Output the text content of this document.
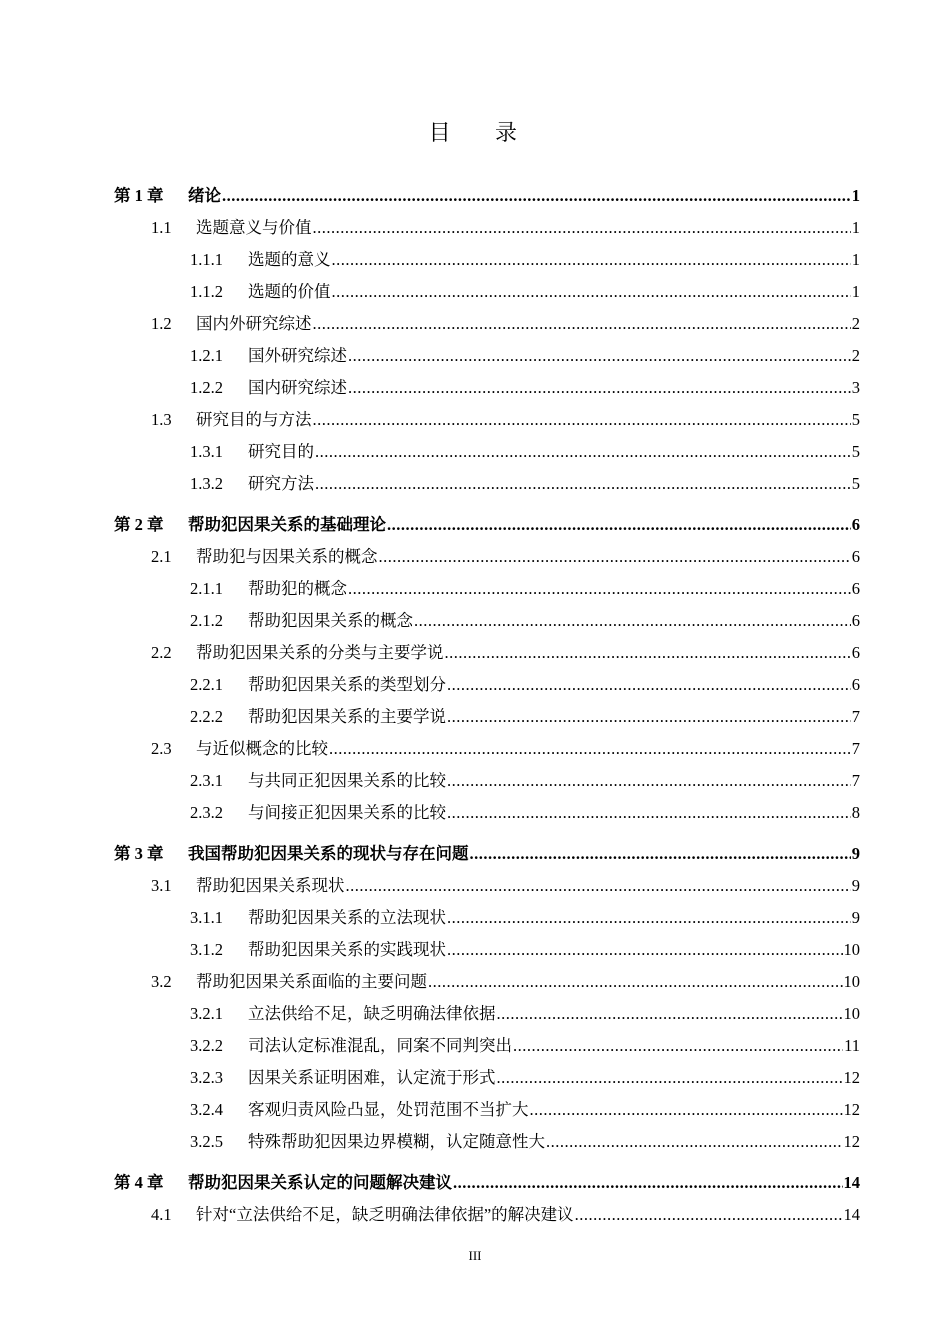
目 录
第 1 章	绪论 .....	1
1.1	选题意义与价值 .....	1
1.1.1	选题的意义 .....	1
1.1.2	选题的价值 .....	1
1.2	国内外研究综述 .....	2
1.2.1	国外研究综述 .....	2
1.2.2	国内研究综述 .....	3
1.3	研究目的与方法 .....	5
1.3.1	研究目的 .....	5
1.3.2	研究方法 .....	5
第 2 章	帮助犯因果关系的基础理论 .....	6
2.1	帮助犯与因果关系的概念 .....	6
2.1.1	帮助犯的概念 .....	6
2.1.2	帮助犯因果关系的概念 .....	6
2.2	帮助犯因果关系的分类与主要学说 .....	6
2.2.1	帮助犯因果关系的类型划分 .....	6
2.2.2	帮助犯因果关系的主要学说 .....	7
2.3	与近似概念的比较 .....	7
2.3.1	与共同正犯因果关系的比较 .....	7
2.3.2	与间接正犯因果关系的比较 .....	8
第 3 章	我国帮助犯因果关系的现状与存在问题 .....	9
3.1	帮助犯因果关系现状 .....	9
3.1.1	帮助犯因果关系的立法现状 .....	9
3.1.2	帮助犯因果关系的实践现状 .....	10
3.2	帮助犯因果关系面临的主要问题 .....	10
3.2.1	立法供给不足，缺乏明确法律依据 .....	10
3.2.2	司法认定标准混乱，同案不同判突出 .....	11
3.2.3	因果关系证明困难，认定流于形式 .....	12
3.2.4	客观归责风险凸显，处罚范围不当扩大 .....	12
3.2.5	特殊帮助犯因果边界模糊，认定随意性大 .....	12
第 4 章	帮助犯因果关系认定的问题解决建议 .....	14
4.1	针对“立法供给不足，缺乏明确法律依据”的解决建议 .....	14
III
